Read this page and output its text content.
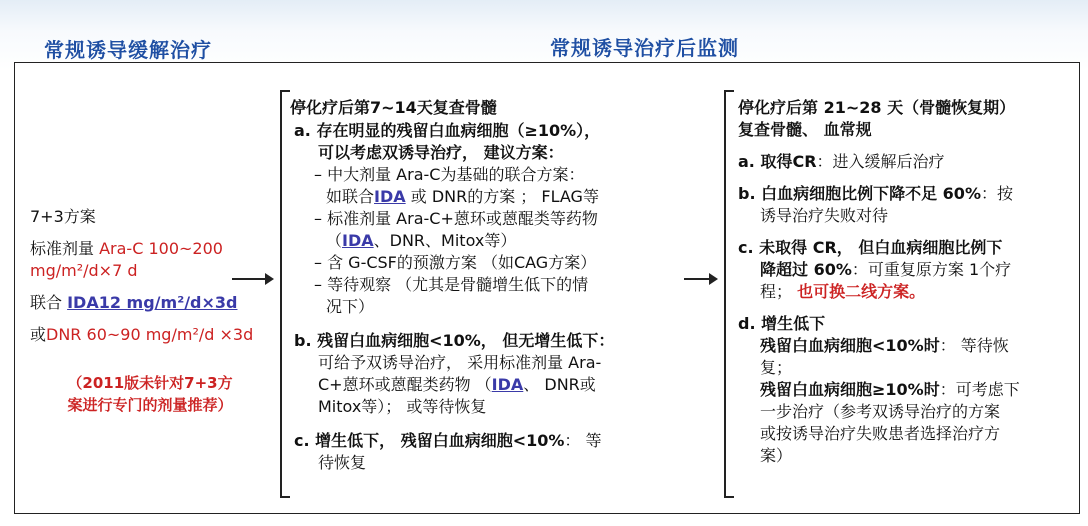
常规诱导缓解治疗	常规诱导治疗后监测
7+3方案
标准剂量 Ara-C 100~200
mg/m²/d×7 d
联合 IDA12 mg/m²/d×3d
或DNR 60~90 mg/m²/d ×3d
（2011版未针对7+3方
案进行专门的剂量推荐）
停化疗后第7~14天复查骨髓
a. 存在明显的残留白血病细胞（≥10%），
可以考虑双诱导治疗， 建议方案：
– 中大剂量 Ara-C为基础的联合方案：
如联合IDA 或 DNR的方案 ； FLAG等
– 标准剂量 Ara-C+蒽环或蒽醌类等药物
（IDA、DNR、Mitox等）
– 含 G-CSF的预激方案 （如CAG方案）
– 等待观察 （尤其是骨髓增生低下的情
况下）
b. 残留白血病细胞<10%， 但无增生低下：
可给予双诱导治疗， 采用标准剂量 Ara-
C+蒽环或蒽醌类药物 （IDA、 DNR或
Mitox等）； 或等待恢复
c. 增生低下， 残留白血病细胞<10%： 等
待恢复
停化疗后第 21~28 天（骨髓恢复期）
复查骨髓、 血常规
a. 取得CR：进入缓解后治疗
b. 白血病细胞比例下降不足 60%：按
诱导治疗失败对待
c. 未取得 CR， 但白血病细胞比例下
降超过 60%：可重复原方案 1个疗
程； 也可换二线方案。
d. 增生低下
残留白血病细胞<10%时： 等待恢
复；
残留白血病细胞≥10%时：可考虑下
一步治疗（参考双诱导治疗的方案
或按诱导治疗失败患者选择治疗方
案）
